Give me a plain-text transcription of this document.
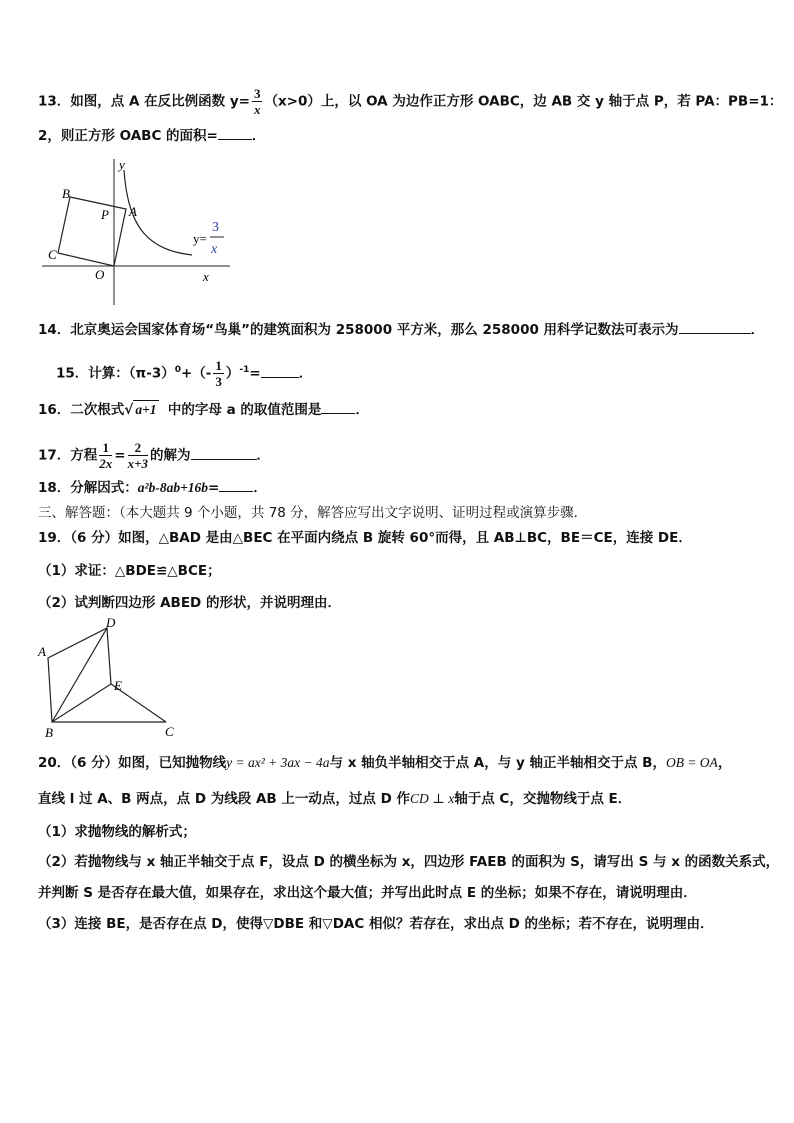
13．如图，点 A 在反比例函数 $y= \frac{3}{x} (x>0)$上，以 OA 为边作正方形 OABC，边 AB 交 y 轴于点 P，若 PA：PB=1：
2，则正方形 OABC 的面积=	．
y
x
B
P A
C
O
y=
3
x
14．北京奥运会国家体育场“鸟巢”的建筑面积为 258000 平方米，那么 258000 用科学记数法可表示为	．
15．计算：$(\pi-3)^0+(- \frac{1}{3} )^{-1}=$	．
16．二次根式√ a+1 中的字母 a 的取值范围是	．
17．方程 $\frac{1}{2x} = \frac{2}{x+3}$ 的解为	．
18．分解因式：a²b-8ab+16b=	．
三、解答题：（本大题共 9 个小题，共 78 分，解答应写出文字说明、证明过程或演算步骤．
19．（6 分）如图，△BAD 是由△BEC 在平面内绕点 B 旋转 60°而得，且 AB⊥BC，BE＝CE，连接 DE．
（1）求证：△BDE≌△BCE；
（2）试判断四边形 ABED 的形状，并说明理由．
D
A
E
B	C
20．（6 分）如图，已知抛物线y = ax² + 3ax − 4a与 x 轴负半轴相交于点 A，与 y 轴正半轴相交于点 B，OB = OA，
直线 l 过 A、B 两点，点 D 为线段 AB 上一动点，过点 D 作CD ⊥ x轴于点 C，交抛物线于点 E．
（1）求抛物线的解析式；
（2）若抛物线与 x 轴正半轴交于点 F，设点 D 的横坐标为 x，四边形 FAEB 的面积为 S，请写出 S 与 x 的函数关系式，
并判断 S 是否存在最大值，如果存在，求出这个最大值；并写出此时点 E 的坐标；如果不存在，请说明理由．
（3）连接 BE，是否存在点 D，使得▽DBE 和▽DAC 相似？若存在，求出点 D 的坐标；若不存在，说明理由．
